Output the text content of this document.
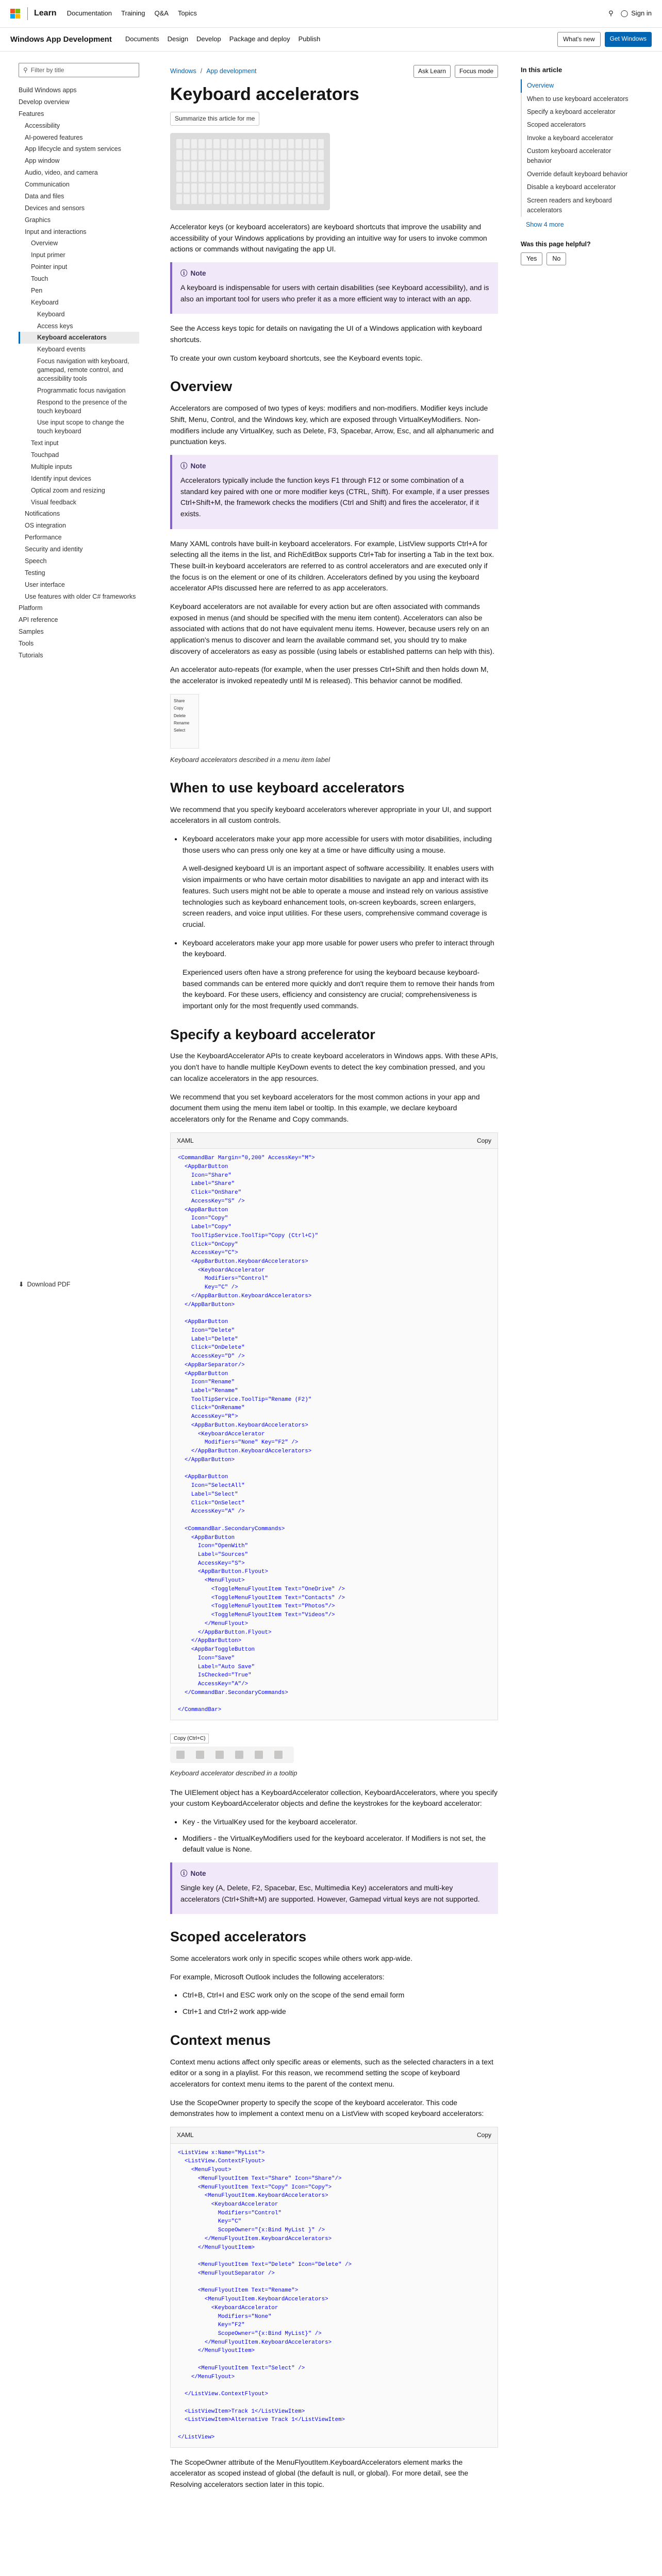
Learn Documentation Training Q&A Topics	⚲ ◯ Sign in
Windows App Development Documents Design Develop Package and deploy Publish	What's new	Get Windows
⚲ Filter by title
Build Windows apps
Develop overview
Features
Accessibility
AI-powered features
App lifecycle and system services
App window
Audio, video, and camera
Communication
Data and files
Devices and sensors
Graphics
Input and interactions
Overview
Input primer
Pointer input
Touch
Pen
Keyboard
Keyboard
Access keys
Keyboard accelerators
Keyboard events
Focus navigation with keyboard, gamepad, remote control, and accessibility tools
Programmatic focus navigation
Respond to the presence of the touch keyboard
Use input scope to change the touch keyboard
Text input
Touchpad
Multiple inputs
Identify input devices
Optical zoom and resizing
Visual feedback
Notifications
OS integration
Performance
Security and identity
Speech
Testing
User interface
Use features with older C# frameworks
Platform
API reference
Samples
Tools
Tutorials
⬇ Download PDF
Windows / App development	Ask Learn	Focus mode
Keyboard accelerators
Summarize this article for me

Accelerator keys (or keyboard accelerators) are keyboard shortcuts that improve the usability and accessibility of your Windows applications by providing an intuitive way for users to invoke common actions or commands without navigating the app UI.

ⓘ Note

A keyboard is indispensable for users with certain disabilities (see Keyboard accessibility), and is also an important tool for users who prefer it as a more efficient way to interact with an app.

See the Access keys topic for details on navigating the UI of a Windows application with keyboard shortcuts.

To create your own custom keyboard shortcuts, see the Keyboard events topic.

Overview

Accelerators are composed of two types of keys: modifiers and non-modifiers. Modifier keys include Shift, Menu, Control, and the Windows key, which are exposed through VirtualKeyModifiers. Non-modifiers include any VirtualKey, such as Delete, F3, Spacebar, Arrow, Esc, and all alphanumeric and punctuation keys.

ⓘ Note

Accelerators typically include the function keys F1 through F12 or some combination of a standard key paired with one or more modifier keys (CTRL, Shift). For example, if a user presses Ctrl+Shift+M, the framework checks the modifiers (Ctrl and Shift) and fires the accelerator, if it exists.

Many XAML controls have built-in keyboard accelerators. For example, ListView supports Ctrl+A for selecting all the items in the list, and RichEditBox supports Ctrl+Tab for inserting a Tab in the text box. These built-in keyboard accelerators are referred to as control accelerators and are executed only if the focus is on the element or one of its children. Accelerators defined by you using the keyboard accelerator APIs discussed here are referred to as app accelerators.

Keyboard accelerators are not available for every action but are often associated with commands exposed in menus (and should be specified with the menu item content). Accelerators can also be associated with actions that do not have equivalent menu items. However, because users rely on an application's menus to discover and learn the available command set, you should try to make discovery of accelerators as easy as possible (using labels or established patterns can help with this).

An accelerator auto-repeats (for example, when the user presses Ctrl+Shift and then holds down M, the accelerator is invoked repeatedly until M is released). This behavior cannot be modified.

Share
Copy
Delete
Rename
Select
Keyboard accelerators described in a menu item label
When to use keyboard accelerators

We recommend that you specify keyboard accelerators wherever appropriate in your UI, and support accelerators in all custom controls.

• Keyboard accelerators make your app more accessible for users with motor disabilities, including those users who can press only one key at a time or have difficulty using a mouse.

A well-designed keyboard UI is an important aspect of software accessibility. It enables users with vision impairments or who have certain motor disabilities to navigate an app and interact with its features. Such users might not be able to operate a mouse and instead rely on various assistive technologies such as keyboard enhancement tools, on-screen keyboards, screen enlargers, screen readers, and voice input utilities. For these users, comprehensive command coverage is crucial.

• Keyboard accelerators make your app more usable for power users who prefer to interact through the keyboard.

Experienced users often have a strong preference for using the keyboard because keyboard-based commands can be entered more quickly and don't require them to remove their hands from the keyboard. For these users, efficiency and consistency are crucial; comprehensiveness is important only for the most frequently used commands.

Specify a keyboard accelerator

Use the KeyboardAccelerator APIs to create keyboard accelerators in Windows apps. With these APIs, you don't have to handle multiple KeyDown events to detect the key combination pressed, and you can localize accelerators in the app resources.

We recommend that you set keyboard accelerators for the most common actions in your app and document them using the menu item label or tooltip. In this example, we declare keyboard accelerators only for the Rename and Copy commands.

XAML	Copy
<CommandBar Margin="0,200" AccessKey="M">
<AppBarButton
Icon="Share"
Label="Share"
Click="OnShare"
AccessKey="S" />
<AppBarButton
Icon="Copy"
Label="Copy"
ToolTipService.ToolTip="Copy (Ctrl+C)"
Click="OnCopy"
AccessKey="C">
<AppBarButton.KeyboardAccelerators>
<KeyboardAccelerator
Modifiers="Control"
Key="C" />
</AppBarButton.KeyboardAccelerators>
</AppBarButton>

<AppBarButton
Icon="Delete"
Label="Delete"
Click="OnDelete"
AccessKey="D" />
<AppBarSeparator/>
<AppBarButton
Icon="Rename"
Label="Rename"
ToolTipService.ToolTip="Rename (F2)"
Click="OnRename"
AccessKey="R">
<AppBarButton.KeyboardAccelerators>
<KeyboardAccelerator
Modifiers="None" Key="F2" />
</AppBarButton.KeyboardAccelerators>
</AppBarButton>

<AppBarButton
Icon="SelectAll"
Label="Select"
Click="OnSelect"
AccessKey="A" />

<CommandBar.SecondaryCommands>
<AppBarButton
Icon="OpenWith"
Label="Sources"
AccessKey="S">
<AppBarButton.Flyout>
<MenuFlyout>
<ToggleMenuFlyoutItem Text="OneDrive" />
<ToggleMenuFlyoutItem Text="Contacts" />
<ToggleMenuFlyoutItem Text="Photos"/>
<ToggleMenuFlyoutItem Text="Videos"/>
</MenuFlyout>
</AppBarButton.Flyout>
</AppBarButton>
<AppBarToggleButton
Icon="Save"
Label="Auto Save"
IsChecked="True"
AccessKey="A"/>
</CommandBar.SecondaryCommands>

</CommandBar>
Copy (Ctrl+C)
Keyboard accelerator described in a tooltip

The UIElement object has a KeyboardAccelerator collection, KeyboardAccelerators, where you specify your custom KeyboardAccelerator objects and define the keystrokes for the keyboard accelerator:

• Key - the VirtualKey used for the keyboard accelerator.
• Modifiers - the VirtualKeyModifiers used for the keyboard accelerator. If Modifiers is not set, the default value is None.
ⓘ Note

Single key (A, Delete, F2, Spacebar, Esc, Multimedia Key) accelerators and multi-key accelerators (Ctrl+Shift+M) are supported. However, Gamepad virtual keys are not supported.

Scoped accelerators

Some accelerators work only in specific scopes while others work app-wide.

For example, Microsoft Outlook includes the following accelerators:

• Ctrl+B, Ctrl+I and ESC work only on the scope of the send email form
• Ctrl+1 and Ctrl+2 work app-wide
Context menus

Context menu actions affect only specific areas or elements, such as the selected characters in a text editor or a song in a playlist. For this reason, we recommend setting the scope of keyboard accelerators for context menu items to the parent of the context menu.

Use the ScopeOwner property to specify the scope of the keyboard accelerator. This code demonstrates how to implement a context menu on a ListView with scoped keyboard accelerators:

XAML	Copy
<ListView x:Name="MyList">
<ListView.ContextFlyout>
<MenuFlyout>
<MenuFlyoutItem Text="Share" Icon="Share"/>
<MenuFlyoutItem Text="Copy" Icon="Copy">
<MenuFlyoutItem.KeyboardAccelerators>
<KeyboardAccelerator
Modifiers="Control"
Key="C"
ScopeOwner="{x:Bind MyList }" />
</MenuFlyoutItem.KeyboardAccelerators>
</MenuFlyoutItem>

<MenuFlyoutItem Text="Delete" Icon="Delete" />
<MenuFlyoutSeparator />

<MenuFlyoutItem Text="Rename">
<MenuFlyoutItem.KeyboardAccelerators>
<KeyboardAccelerator
Modifiers="None"
Key="F2"
ScopeOwner="{x:Bind MyList}" />
</MenuFlyoutItem.KeyboardAccelerators>
</MenuFlyoutItem>

<MenuFlyoutItem Text="Select" />
</MenuFlyout>

</ListView.ContextFlyout>

<ListViewItem>Track 1</ListViewItem>
<ListViewItem>Alternative Track 1</ListViewItem>

</ListView>

The ScopeOwner attribute of the MenuFlyoutItem.KeyboardAccelerators element marks the accelerator as scoped instead of global (the default is null, or global). For more detail, see the Resolving accelerators section later in this topic.

In this article
Overview
When to use keyboard accelerators
Specify a keyboard accelerator
Scoped accelerators
Invoke a keyboard accelerator
Custom keyboard accelerator behavior
Override default keyboard behavior
Disable a keyboard accelerator
Screen readers and keyboard accelerators
Show 4 more
Was this page helpful?
Yes	No
